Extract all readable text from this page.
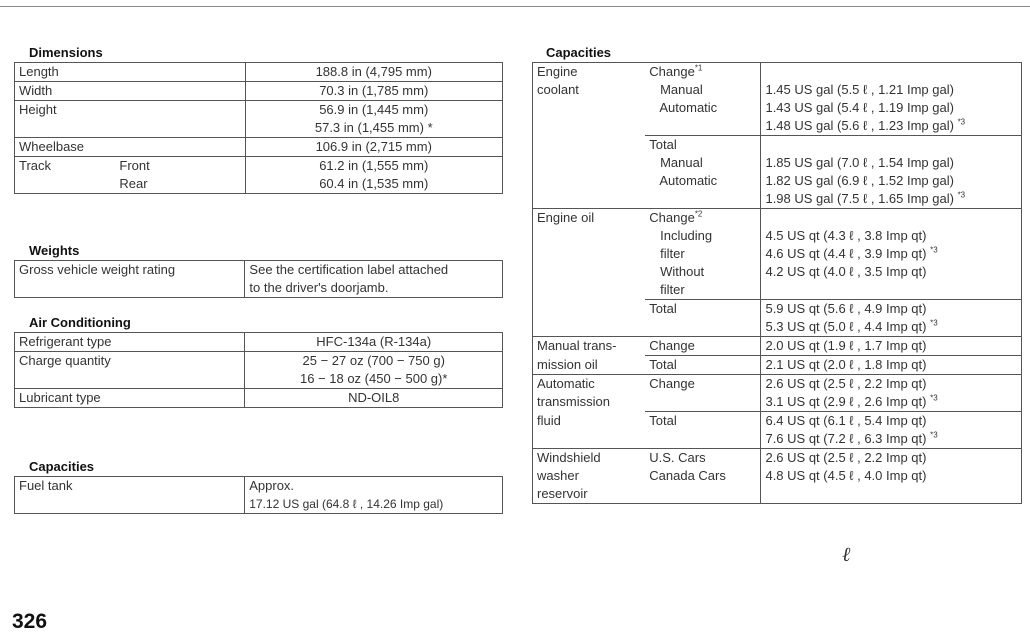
Dimensions
Length		188.8 in (4,795 mm)
Width		70.3 in (1,785 mm)
Height		56.9 in (1,445 mm)
		57.3 in (1,455 mm) *
Wheelbase		106.9 in (2,715 mm)
Track	Front	61.2 in (1,555 mm)
	Rear	60.4 in (1,535 mm)
Weights
Gross vehicle weight rating	See the certification label attached
	to the driver's doorjamb.
Air Conditioning
Refrigerant type	HFC-134a (R-134a)
Charge quantity	25 − 27 oz (700 − 750 g)
	16 − 18 oz (450 − 500 g)*
Lubricant type	ND-OIL8
Capacities
Fuel tank	Approx.
	17.12 US gal (64.8 ℓ , 14.26 Imp gal)
Capacities
Engine	Change$^{*1}$	
coolant	Manual	1.45 US gal (5.5 ℓ , 1.21 Imp gal)
	Automatic	1.43 US gal (5.4 ℓ , 1.19 Imp gal)
		1.48 US gal (5.6 ℓ , 1.23 Imp gal) $^{*3}$
	Total	
	Manual	1.85 US gal (7.0 ℓ , 1.54 Imp gal)
	Automatic	1.82 US gal (6.9 ℓ , 1.52 Imp gal)
		1.98 US gal (7.5 ℓ , 1.65 Imp gal) $^{*3}$
Engine oil	Change$^{*2}$	
	Including	4.5 US qt (4.3 ℓ , 3.8 Imp qt)
	filter	4.6 US qt (4.4 ℓ , 3.9 Imp qt) $^{*3}$
	Without	4.2 US qt (4.0 ℓ , 3.5 Imp qt)
	filter	
	Total	5.9 US qt (5.6 ℓ , 4.9 Imp qt)
		5.3 US qt (5.0 ℓ , 4.4 Imp qt) $^{*3}$
Manual trans-	Change	2.0 US qt (1.9 ℓ , 1.7 Imp qt)
mission oil	Total	2.1 US qt (2.0 ℓ , 1.8 Imp qt)
Automatic	Change	2.6 US qt (2.5 ℓ , 2.2 Imp qt)
transmission		3.1 US qt (2.9 ℓ , 2.6 Imp qt) $^{*3}$
fluid	Total	6.4 US qt (6.1 ℓ , 5.4 Imp qt)
		7.6 US qt (7.2 ℓ , 6.3 Imp qt) $^{*3}$
Windshield	U.S. Cars	2.6 US qt (2.5 ℓ , 2.2 Imp qt)
washer	Canada Cars	4.8 US qt (4.5 ℓ , 4.0 Imp qt)
reservoir		
ℓ
326
